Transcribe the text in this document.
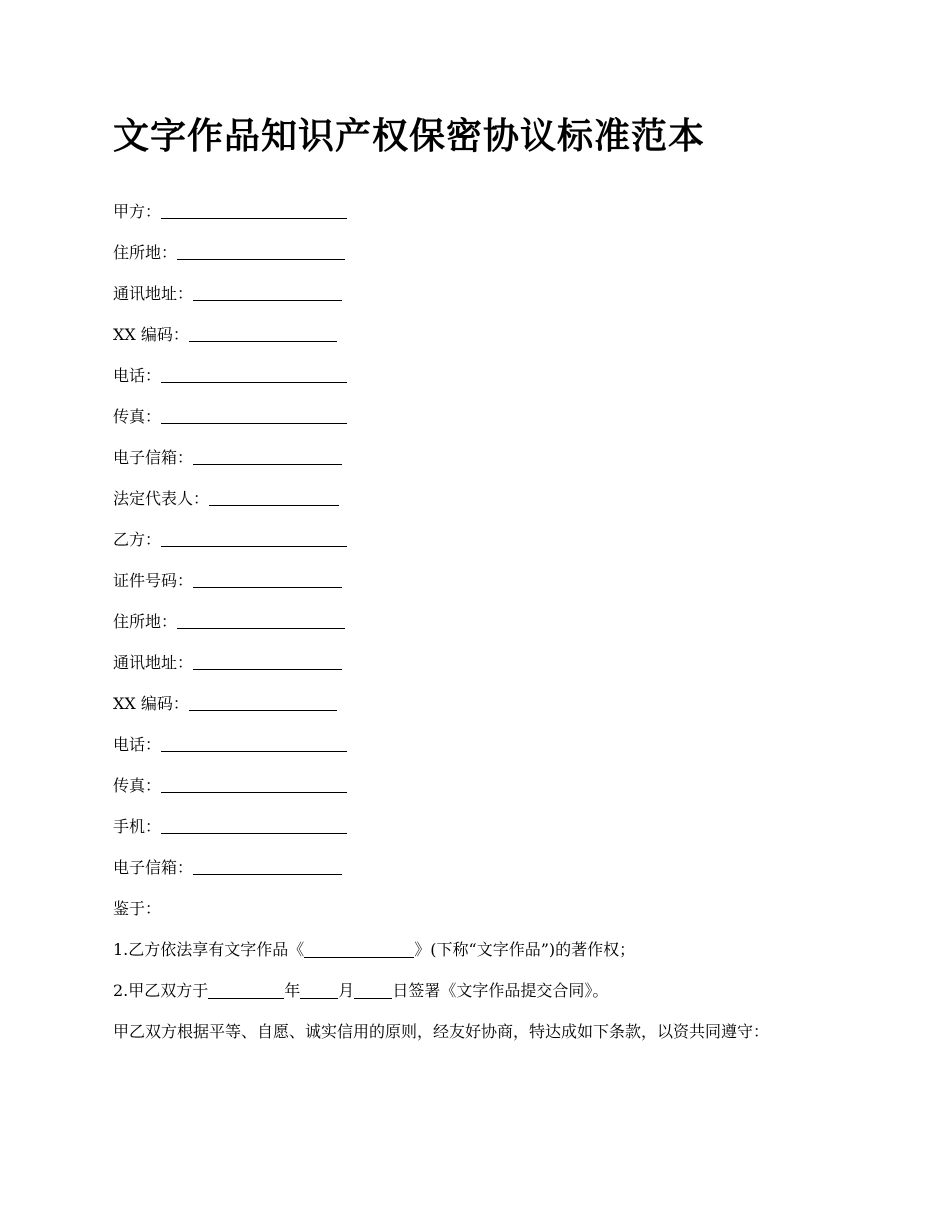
文字作品知识产权保密协议标准范本
甲方：
住所地：
通讯地址：
XX 编码：
电话：
传真：
电子信箱：
法定代表人：
乙方：
证件号码：
住所地：
通讯地址：
XX 编码：
电话：
传真：
手机：
电子信箱：

鉴于：

1.乙方依法享有文字作品《	》(下称“文字作品”)的著作权；

2.甲乙双方于	年 月 日签署《文字作品提交合同》。

甲乙双方根据平等、自愿、诚实信用的原则，经友好协商，特达成如下条款，以资共同遵守：
